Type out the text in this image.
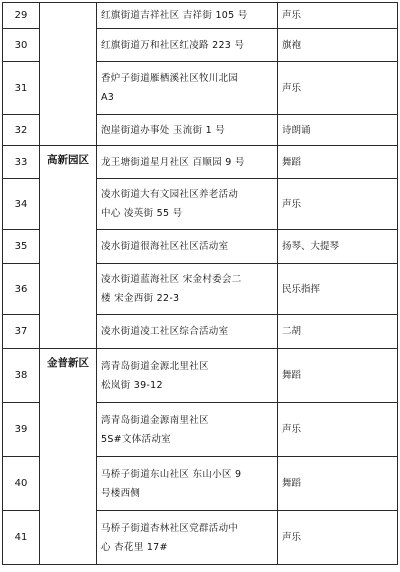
29		红旗街道吉祥社区 吉祥街 105 号	声乐
30		红旗街道万和社区红凌路 223 号	旗袍
31		香炉子街道雁栖溪社区牧川北园
A3	声乐
32		泡崖街道办事处 玉流街 1 号	诗朗诵
33	高新园区	龙王塘街道星月社区 百顺园 9 号	舞蹈
34		凌水街道大有文园社区养老活动
中心 凌英街 55 号	声乐
35		凌水街道很海社区社区活动室	扬琴、大提琴
36		凌水街道蓝海社区 宋金村委会二
楼 宋金西街 22-3	民乐指挥
37		凌水街道凌工社区综合活动室	二胡
38	金普新区	湾青岛街道金源北里社区
松岚街 39-12	舞蹈
39		湾青岛街道金源南里社区
5S#文体活动室	声乐
40		马桥子街道东山社区 东山小区 9
号楼西侧	舞蹈
41		马桥子街道杏林社区党群活动中
心 杏花里 17#	声乐
